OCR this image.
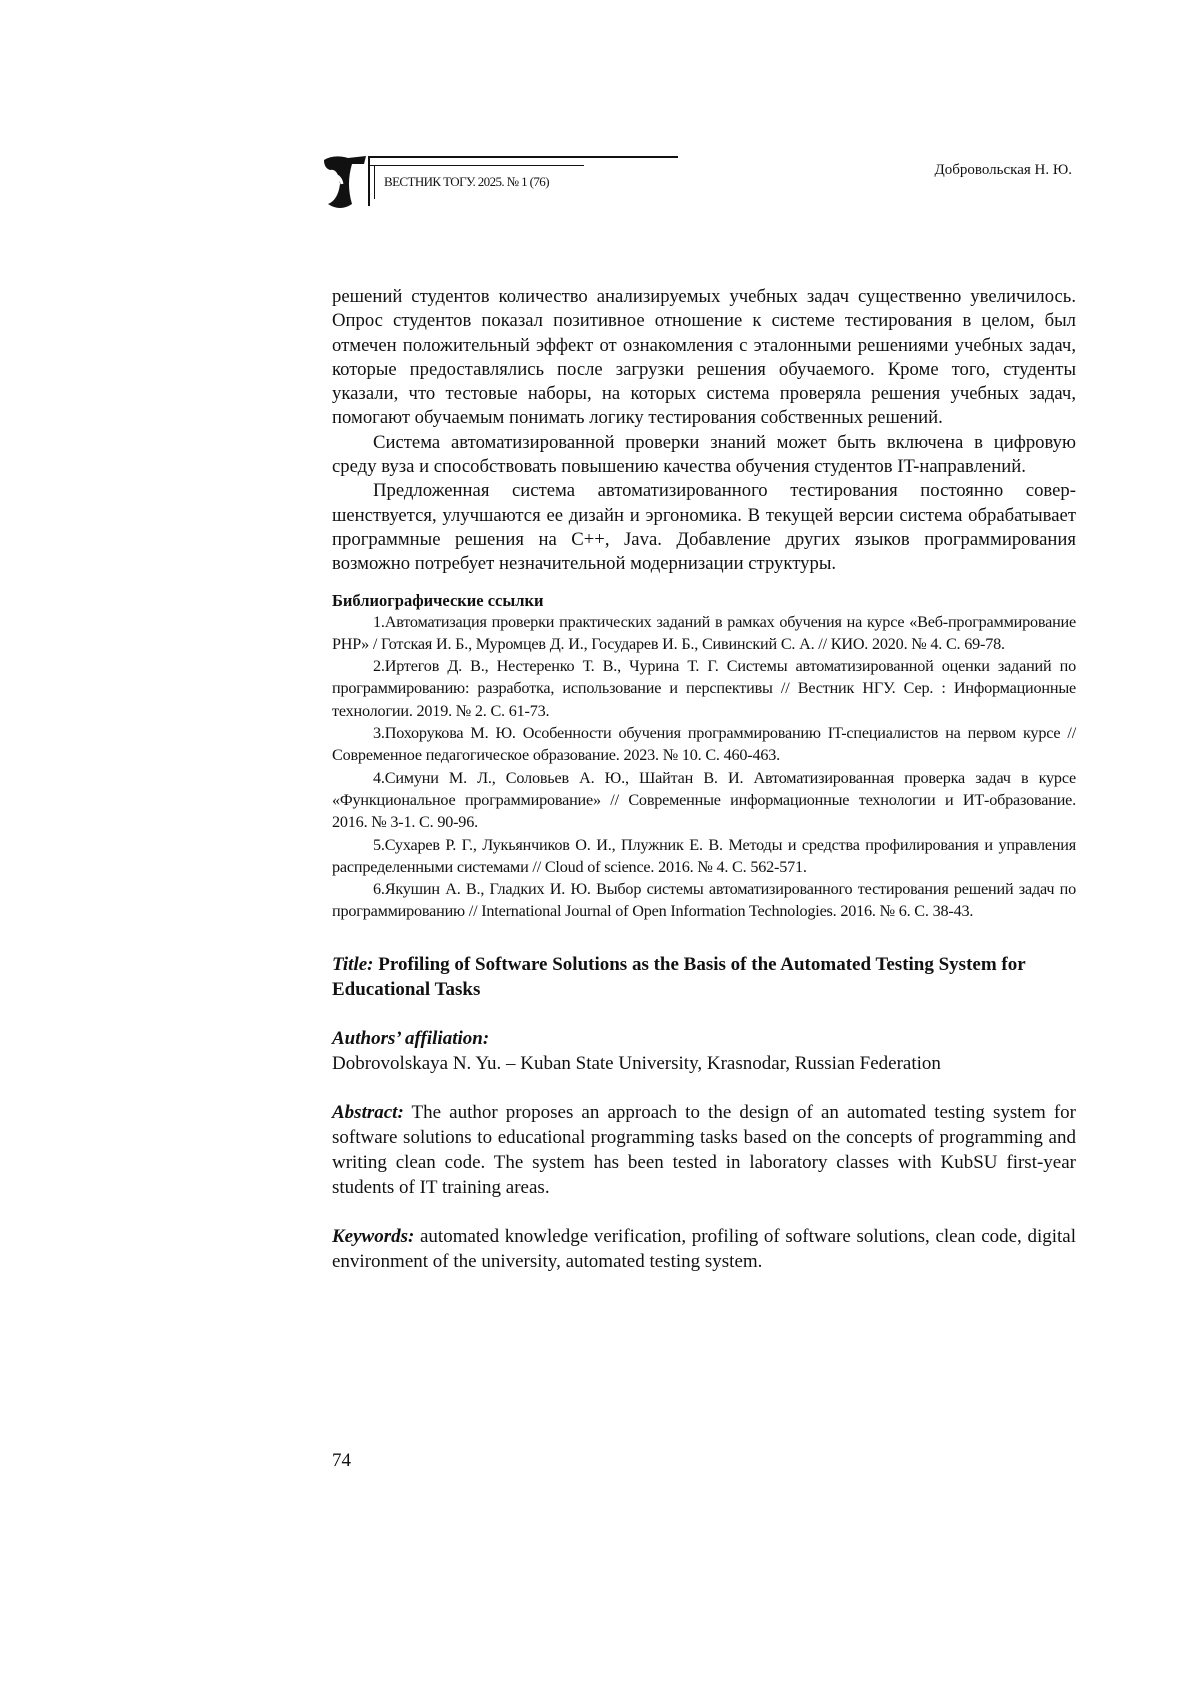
ВЕСТНИК ТОГУ. 2025. № 1 (76)
Добровольская Н. Ю.

решений студентов количество анализируемых учебных задач существенно увеличилось. Опрос студентов показал позитивное отношение к системе тестирования в целом, был отмечен положительный эффект от ознакомления с эталонными решениями учебных задач, которые предоставлялись после загрузки решения обучаемого. Кроме того, студенты указали, что тестовые наборы, на которых система проверяла решения учебных задач, помогают обучаемым понимать логику тестирования собственных решений.

Система автоматизированной проверки знаний может быть включена в цифровую среду вуза и способствовать повышению качества обучения студентов IT-направлений.

Предложенная система автоматизированного тестирования постоянно совершенствуется, улучшаются ее дизайн и эргономика. В текущей версии система обрабатывает программные решения на С++, Java. Добавление других языков программирования возможно потребует незначительной модернизации структуры.

Библиографические ссылки

1.Автоматизация проверки практических заданий в рамках обучения на курсе «Веб-программирование PHP» / Готская И. Б., Муромцев Д. И., Государев И. Б., Сивинский С. А. // КИО. 2020. № 4. С. 69-78.

2.Иртегов Д. В., Нестеренко Т. В., Чурина Т. Г. Системы автоматизированной оценки заданий по программированию: разработка, использование и перспективы // Вестник НГУ. Сер. : Информационные технологии. 2019. № 2. С. 61-73.

3.Похорукова М. Ю. Особенности обучения программированию IT-специалистов на первом курсе // Современное педагогическое образование. 2023. № 10. С. 460-463.

4.Симуни М. Л., Соловьев А. Ю., Шайтан В. И. Автоматизированная проверка задач в курсе «Функциональное программирование» // Современные информационные технологии и ИТ-образование. 2016. № 3-1. С. 90-96.

5.Сухарев Р. Г., Лукьянчиков О. И., Плужник Е. В. Методы и средства профилирования и управления распределенными системами // Cloud of science. 2016. № 4. С. 562-571.

6.Якушин А. В., Гладких И. Ю. Выбор системы автоматизированного тестирования решений задач по программированию // International Journal of Open Information Technologies. 2016. № 6. С. 38-43.

Title: Profiling of Software Solutions as the Basis of the Automated Testing System for Educational Tasks

Authors’ affiliation:

Dobrovolskaya N. Yu. – Kuban State University, Krasnodar, Russian Federation

Abstract: The author proposes an approach to the design of an automated testing system for software solutions to educational programming tasks based on the concepts of programming and writing clean code. The system has been tested in laboratory classes with KubSU first-year students of IT training areas.

Keywords: automated knowledge verification, profiling of software solutions, clean code, digital environment of the university, automated testing system.

74
